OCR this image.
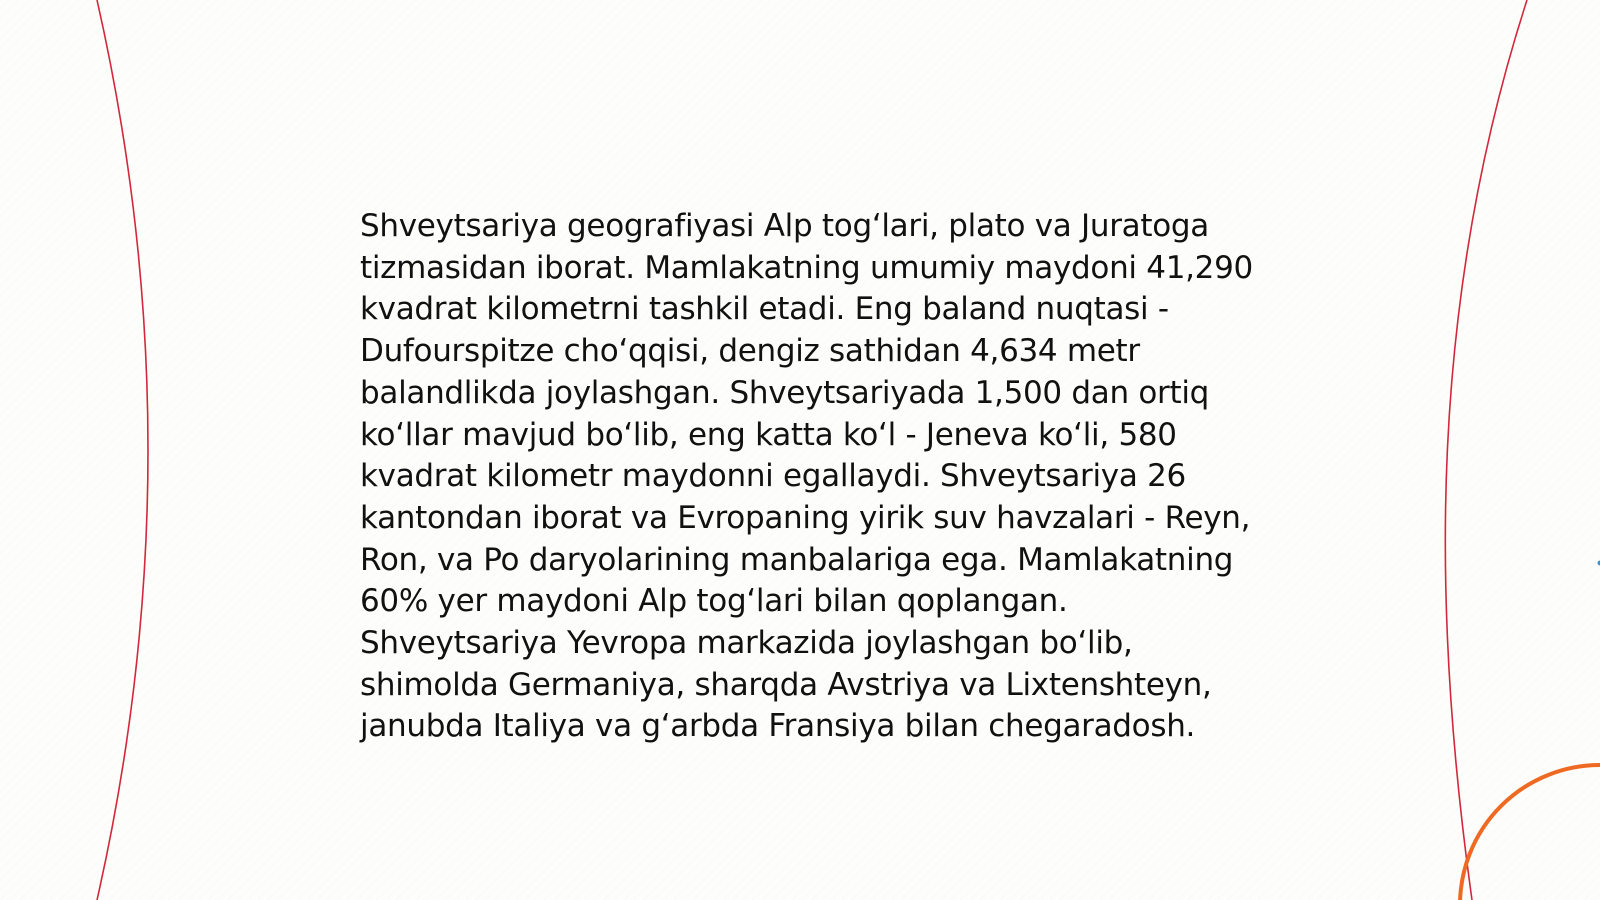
Shveytsariya geografiyasi Alp tog‘lari, plato va Juratoga tizmasidan iborat. Mamlakatning umumiy maydoni 41,290 kvadrat kilometrni tashkil etadi. Eng baland nuqtasi - Dufourspitze cho‘qqisi, dengiz sathidan 4,634 metr balandlikda joylashgan. Shveytsariyada 1,500 dan ortiq ko‘llar mavjud bo‘lib, eng katta ko‘l - Jeneva ko‘li, 580 kvadrat kilometr maydonni egallaydi. Shveytsariya 26 kantondan iborat va Evropaning yirik suv havzalari - Reyn, Ron, va Po daryolarining manbalariga ega. Mamlakatning 60% yer maydoni Alp tog‘lari bilan qoplangan. Shveytsariya Yevropa markazida joylashgan bo‘lib, shimolda Germaniya, sharqda Avstriya va Lixtenshteyn, janubda Italiya va g‘arbda Fransiya bilan chegaradosh.
